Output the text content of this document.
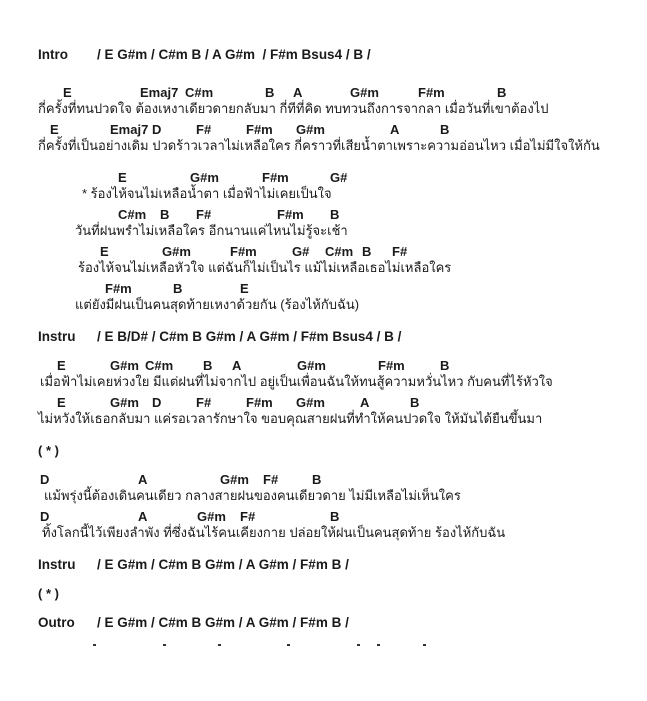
Intro / E G#m / C#m B / A G#m  / F#m Bsus4 / B /
E	Emaj7 C#m	B A	G#m	F#m	B
กี่ครั้งที่ทนปวดใจ ต้องเหงาเดียวดายกลับมา กี่ทีที่คิด ทบทวนถึงการจากลา เมื่อวันที่เขาต้องไป
E	Emaj7 D	F#	F#m G#m	A	B
กี่ครั้งที่เป็นอย่างเดิม ปวดร้าวเวลาไม่เหลือใคร กี่คราวที่เสียน้ำตาเพราะความอ่อนไหว เมื่อไม่มีใจให้กัน
E	G#m	F#m	G#
* ร้องไห้จนไม่เหลือน้ำตา เมื่อฟ้าไม่เคยเป็นใจ
C#m B F#	F#m B
วันที่ฝนพรำไม่เหลือใคร อีกนานแค่ไหนไม่รู้จะเช้า
E	G#m	F#m	G# C#m B F#
ร้องไห้จนไม่เหลือหัวใจ แต่ฉันก็ไม่เป็นไร แม้ไม่เหลือเธอไม่เหลือใคร
F#m	B	E
แต่ยังมีฝนเป็นคนสุดท้ายเหงาด้วยกัน (ร้องไห้กับฉัน)
Instru / E B/D# / C#m B G#m / A G#m / F#m Bsus4 / B /
E	G#m C#m B A	G#m	F#m	B
เมื่อฟ้าไม่เคยห่วงใย มีแต่ฝนที่ไม่จากไป อยู่เป็นเพื่อนฉันให้ทนสู้ความหวั่นไหว กับคนที่ไร้หัวใจ
E	G#m D	F#	F#m G#m	A	B
ไม่หวังให้เธอกลับมา แค่รอเวลารักษาใจ ขอบคุณสายฝนที่ทำให้คนปวดใจ ให้มันได้ยืนขึ้นมา
( * )
D	A	G#m F#	B
แม้พรุ่งนี้ต้องเดินคนเดียว กลางสายฝนของคนเดียวดาย ไม่มีเหลือไม่เห็นใคร
D	A	G#m F#	B
ทิ้งโลกนี้ไว้เพียงลำพัง ที่ซึ่งฉันไร้คนเคียงกาย ปล่อยให้ฝนเป็นคนสุดท้าย ร้องไห้กับฉัน
Instru / E G#m / C#m B G#m / A G#m / F#m B /
( * )
Outro / E G#m / C#m B G#m / A G#m / F#m B /
